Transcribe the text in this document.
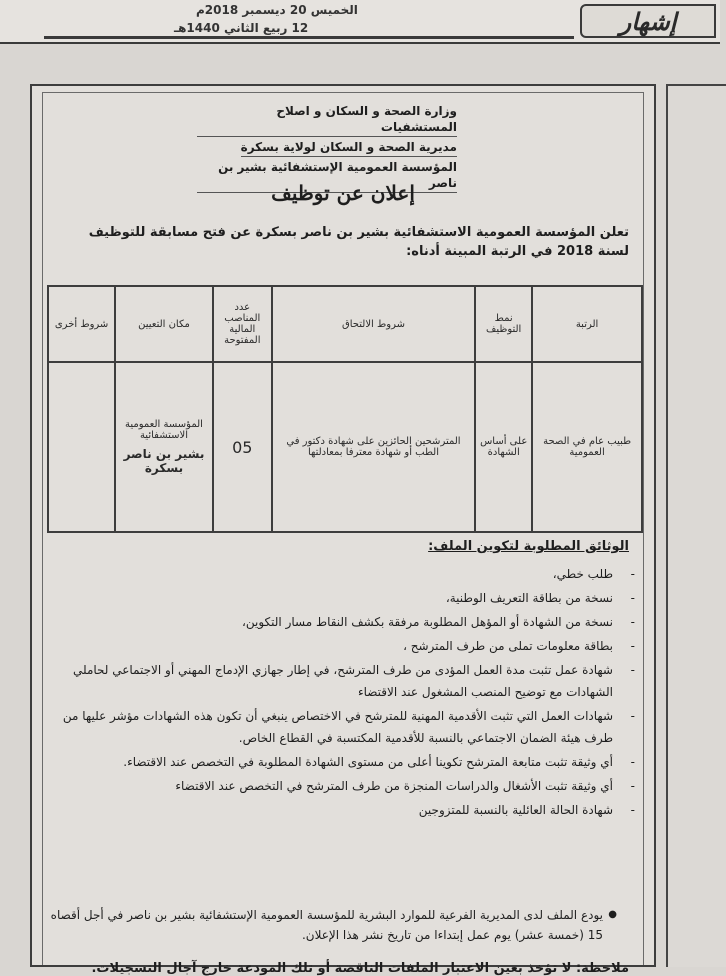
إشهار
الخميس 20 ديسمبر 2018م
12 ربيع الثاني 1440هـ
وزارة الصحة و السكان و اصلاح المستشفيات
مديرية الصحة و السكان لولاية بسكرة
المؤسسة العمومية الإستشفائية بشير بن ناصر
إعلان عن توظيف
تعلن المؤسسة العمومية الاستشفائية بشير بن ناصر بسكرة عن فتح مسابقة للتوظيف لسنة 2018 في الرتبة المبينة أدناه:
الرتبة	نمط التوظيف	شروط الالتحاق	عدد المناصب المالية المفتوحة	مكان التعيين	شروط أخرى
طبيب عام في الصحة العمومية	على أساس الشهادة	المترشحين الحائزين على شهادة دكتور في الطب أو شهادة معترفا بمعادلتها	05	المؤسسة العمومية الاستشفائية
بشير بن ناصر بسكرة	

الوثائق المطلوبة لتكوين الملف:
-
طلب خطي،
-
نسخة من بطاقة التعريف الوطنية،
-
نسخة من الشهادة أو المؤهل المطلوبة مرفقة بكشف النقاط مسار التكوين،
-
بطاقة معلومات تملى من طرف المترشح ،
-
شهادة عمل تثبت مدة العمل المؤدى من طرف المترشح، في إطار جهازي الإدماج المهني أو الاجتماعي لحاملي الشهادات مع توضيح المنصب المشغول عند الاقتضاء
-
شهادات العمل التي تثبت الأقدمية المهنية للمترشح في الاختصاص ينبغي أن تكون هذه الشهادات مؤشر عليها من طرف هيئة الضمان الاجتماعي بالنسبة للأقدمية المكتسبة في القطاع الخاص.
-
أي وثيقة تثبت متابعة المترشح تكوينا أعلى من مستوى الشهادة المطلوبة في التخصص عند الاقتضاء.
-
أي وثيقة تثبت الأشغال والدراسات المنجزة من طرف المترشح في التخصص عند الاقتضاء
-
شهادة الحالة العائلية بالنسبة للمتزوجين
●
يودع الملف لدى المديرية الفرعية للموارد البشرية للمؤسسة العمومية الإستشفائية بشير بن ناصر في أجل أقصاه 15 (خمسة عشر) يوم عمل إبتداءا من تاريخ نشر هذا الإعلان.
ملاحظة: لا تؤخذ بعين الاعتبار الملفات الناقصة أو تلك المودعة خارج آجال التسجيلات.
